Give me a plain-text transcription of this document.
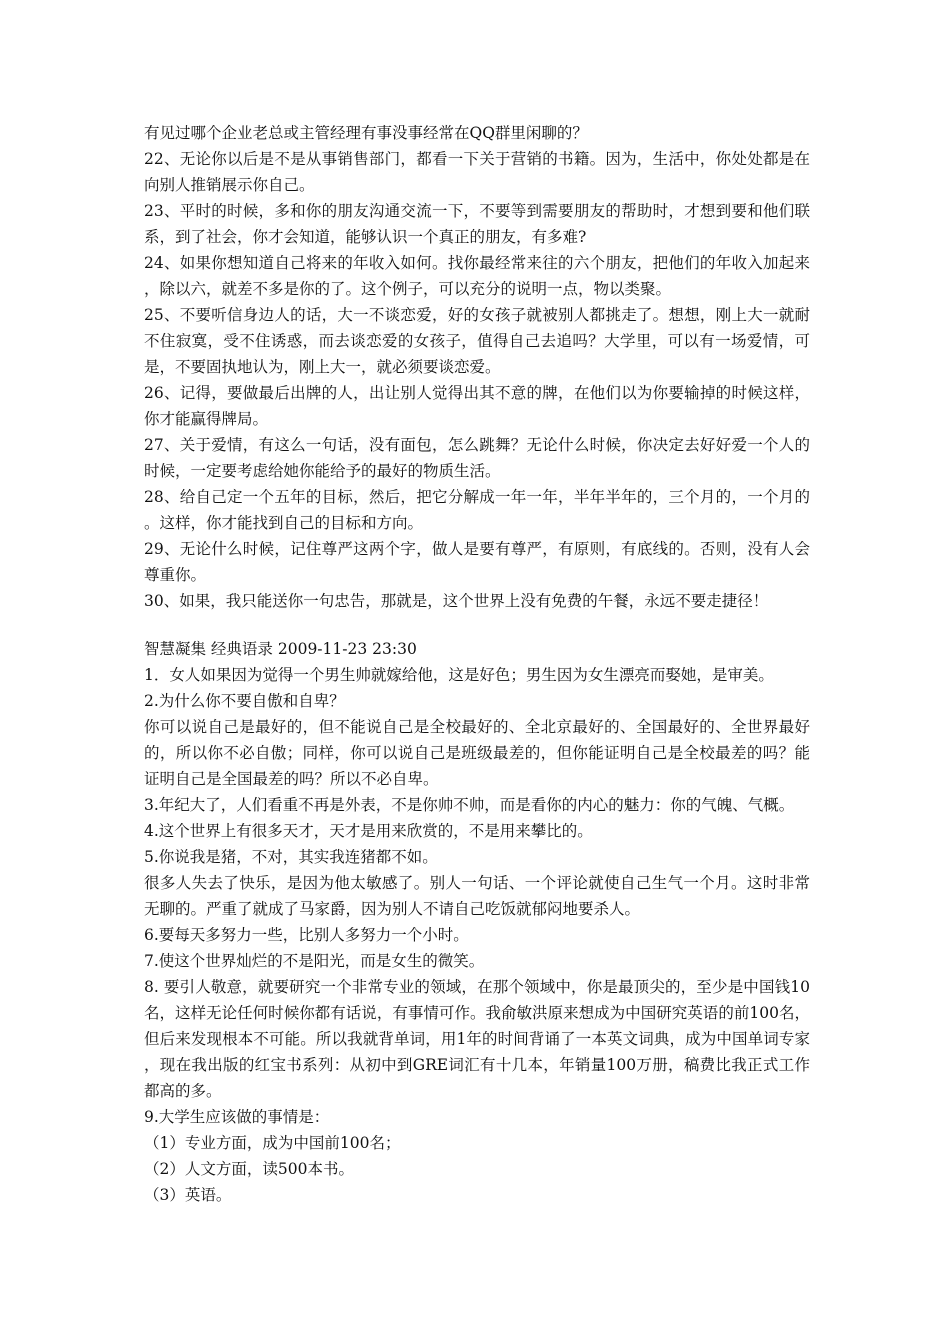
有见过哪个企业老总或主管经理有事没事经常在QQ群里闲聊的？

22、无论你以后是不是从事销售部门，都看一下关于营销的书籍。因为，生活中，你处处都是在向别人推销展示你自己。

23、平时的时候，多和你的朋友沟通交流一下，不要等到需要朋友的帮助时，才想到要和他们联系，到了社会，你才会知道，能够认识一个真正的朋友，有多难?

24、如果你想知道自己将来的年收入如何。找你最经常来往的六个朋友，把他们的年收入加起来，除以六，就差不多是你的了。这个例子，可以充分的说明一点，物以类聚。

25、不要听信身边人的话，大一不谈恋爱，好的女孩子就被别人都挑走了。想想，刚上大一就耐不住寂寞，受不住诱惑，而去谈恋爱的女孩子，值得自己去追吗？大学里，可以有一场爱情，可是，不要固执地认为，刚上大一，就必须要谈恋爱。

26、记得，要做最后出牌的人，出让别人觉得出其不意的牌，在他们以为你要输掉的时候这样，你才能赢得牌局。

27、关于爱情，有这么一句话，没有面包，怎么跳舞？无论什么时候，你决定去好好爱一个人的时候，一定要考虑给她你能给予的最好的物质生活。

28、给自己定一个五年的目标，然后，把它分解成一年一年，半年半年的，三个月的，一个月的。这样，你才能找到自己的目标和方向。

29、无论什么时候，记住尊严这两个字，做人是要有尊严，有原则，有底线的。否则，没有人会尊重你。

30、如果，我只能送你一句忠告，那就是，这个世界上没有免费的午餐，永远不要走捷径！

智慧凝集 经典语录 2009-11-23 23:30

1．女人如果因为觉得一个男生帅就嫁给他，这是好色；男生因为女生漂亮而娶她，是审美。

2.为什么你不要自傲和自卑？

你可以说自己是最好的，但不能说自己是全校最好的、全北京最好的、全国最好的、全世界最好的，所以你不必自傲；同样，你可以说自己是班级最差的，但你能证明自己是全校最差的吗？能证明自己是全国最差的吗？所以不必自卑。

3.年纪大了，人们看重不再是外表，不是你帅不帅，而是看你的内心的魅力：你的气魄、气概。

4.这个世界上有很多天才，天才是用来欣赏的，不是用来攀比的。

5.你说我是猪，不对，其实我连猪都不如。

很多人失去了快乐，是因为他太敏感了。别人一句话、一个评论就使自己生气一个月。这时非常无聊的。严重了就成了马家爵，因为别人不请自己吃饭就郁闷地要杀人。

6.要每天多努力一些，比别人多努力一个小时。

7.使这个世界灿烂的不是阳光，而是女生的微笑。

8. 要引人敬意，就要研究一个非常专业的领域，在那个领域中，你是最顶尖的，至少是中国钱10名，这样无论任何时候你都有话说，有事情可作。我俞敏洪原来想成为中国研究英语的前100名，但后来发现根本不可能。所以我就背单词，用1年的时间背诵了一本英文词典，成为中国单词专家，现在我出版的红宝书系列：从初中到GRE词汇有十几本，年销量100万册，稿费比我正式工作都高的多。

9.大学生应该做的事情是：

（1）专业方面，成为中国前100名；

（2）人文方面，读500本书。

（3）英语。
